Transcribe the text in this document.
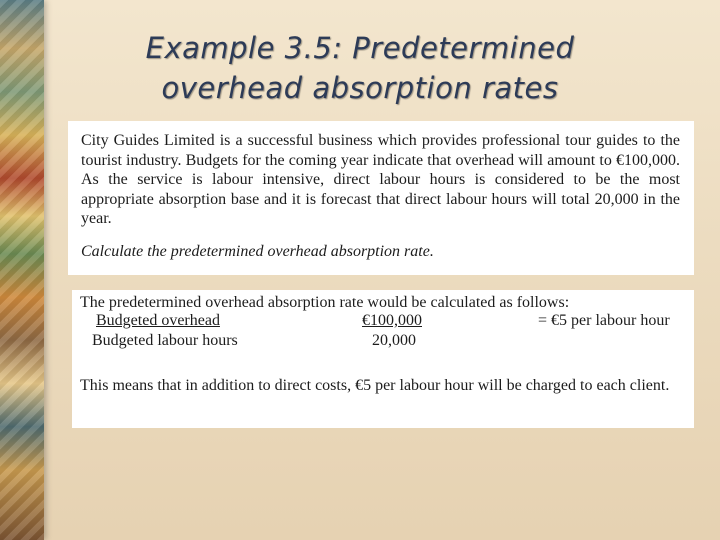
Example 3.5: Predetermined
overhead absorption rates

City Guides Limited is a successful business which provides professional tour guides to the tourist industry. Budgets for the coming year indicate that overhead will amount to €100,000. As the service is labour intensive, direct labour hours is considered to be the most appropriate absorption base and it is forecast that direct labour hours will total 20,000 in the year.

Calculate the predetermined overhead absorption rate.

The predetermined overhead absorption rate would be calculated as follows:

Budgeted overhead
Budgeted labour hours
€100,000
20,000
= €5 per labour hour

This means that in addition to direct costs, €5 per labour hour will be charged to each client.
